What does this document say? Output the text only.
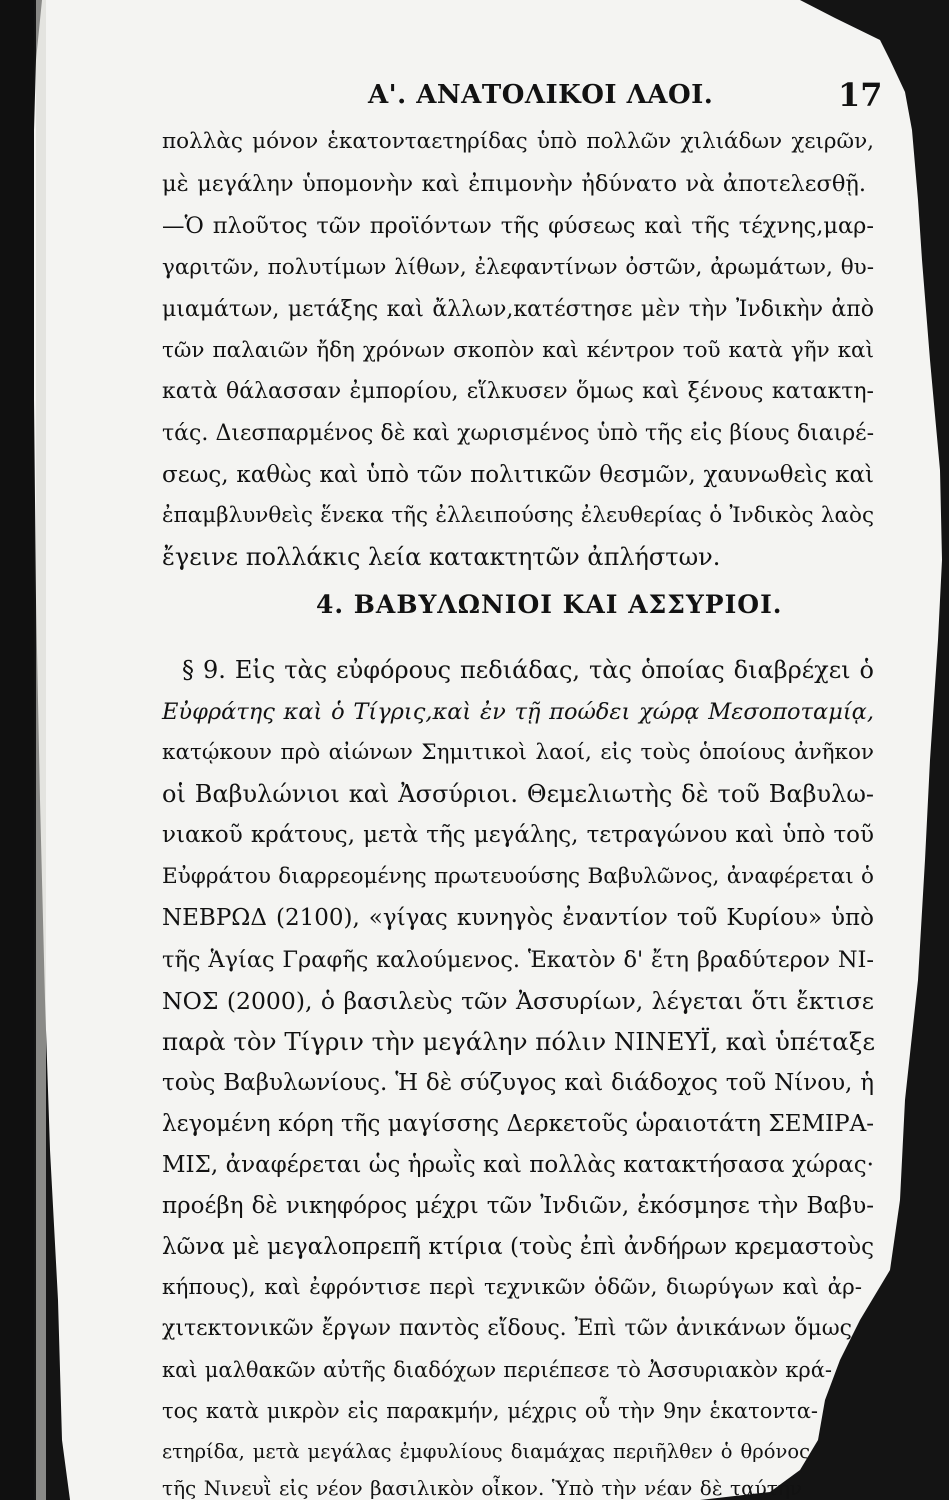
Α'. ΑΝΑΤΟΛΙΚΟΙ ΛΑΟΙ.	17
πολλὰς μόνον ἑκατονταετηρίδας ὑπὸ πολλῶν χιλιάδων χειρῶν,
μὲ μεγάλην ὑπομονὴν καὶ ἐπιμονὴν ἠδύνατο νὰ ἀποτελεσθῇ.
—Ὁ πλοῦτος τῶν προϊόντων τῆς φύσεως καὶ τῆς τέχνης,μαρ-
γαριτῶν, πολυτίμων λίθων, ἐλεφαντίνων ὀστῶν, ἀρωμάτων, θυ-
μιαμάτων, μετάξης καὶ ἄλλων,κατέστησε μὲν τὴν Ἰνδικὴν ἀπὸ
τῶν παλαιῶν ἤδη χρόνων σκοπὸν καὶ κέντρον τοῦ κατὰ γῆν καὶ
κατὰ θάλασσαν ἐμπορίου, εἵλκυσεν ὅμως καὶ ξένους κατακτη-
τάς. Διεσπαρμένος δὲ καὶ χωρισμένος ὑπὸ τῆς εἰς βίους διαιρέ-
σεως, καθὼς καὶ ὑπὸ τῶν πολιτικῶν θεσμῶν, χαυνωθεὶς καὶ
ἐπαμβλυνθεὶς ἕνεκα τῆς ἐλλειπούσης ἐλευθερίας ὁ Ἰνδικὸς λαὸς
ἔγεινε πολλάκις λεία κατακτητῶν ἀπλήστων.
4. ΒΑΒΥΛΩΝΙΟΙ ΚΑΙ ΑΣΣΥΡΙΟΙ.
§ 9. Εἰς τὰς εὐφόρους πεδιάδας, τὰς ὁποίας διαβρέχει ὁ
Εὐφράτης καὶ ὁ Τίγρις,καὶ ἐν τῇ ποώδει χώρᾳ Μεσοποταμίᾳ,
κατῴκουν πρὸ αἰώνων Σημιτικοὶ λαοί, εἰς τοὺς ὁποίους ἀνῆκον
οἱ Βαβυλώνιοι καὶ Ἀσσύριοι. Θεμελιωτὴς δὲ τοῦ Βαβυλω-
νιακοῦ κράτους, μετὰ τῆς μεγάλης, τετραγώνου καὶ ὑπὸ τοῦ
Εὐφράτου διαρρεομένης πρωτευούσης Βαβυλῶνος, ἀναφέρεται ὁ
ΝΕΒΡΩΔ (2100), «γίγας κυνηγὸς ἐναντίον τοῦ Κυρίου» ὑπὸ
τῆς Ἁγίας Γραφῆς καλούμενος. Ἑκατὸν δ' ἔτη βραδύτερον ΝΙ-
ΝΟΣ (2000), ὁ βασιλεὺς τῶν Ἀσσυρίων, λέγεται ὅτι ἔκτισε
παρὰ τὸν Τίγριν τὴν μεγάλην πόλιν ΝΙΝΕΥΪ, καὶ ὑπέταξε
τοὺς Βαβυλωνίους. Ἡ δὲ σύζυγος καὶ διάδοχος τοῦ Νίνου, ἡ
λεγομένη κόρη τῆς μαγίσσης Δερκετοῦς ὡραιοτάτη ΣΕΜΙΡΑ-
ΜΙΣ, ἀναφέρεται ὡς ἡρωῒς καὶ πολλὰς κατακτήσασα χώρας·
προέβη δὲ νικηφόρος μέχρι τῶν Ἰνδιῶν, ἐκόσμησε τὴν Βαβυ-
λῶνα μὲ μεγαλοπρεπῆ κτίρια (τοὺς ἐπὶ ἀνδήρων κρεμαστοὺς
κήπους), καὶ ἐφρόντισε περὶ τεχνικῶν ὁδῶν, διωρύγων καὶ ἀρ-
χιτεκτονικῶν ἔργων παντὸς εἴδους. Ἐπὶ τῶν ἀνικάνων ὅμως
καὶ μαλθακῶν αὐτῆς διαδόχων περιέπεσε τὸ Ἀσσυριακὸν κρά-
τος κατὰ μικρὸν εἰς παρακμήν, μέχρις οὗ τὴν 9ην ἑκατοντα-
ετηρίδα, μετὰ μεγάλας ἐμφυλίους διαμάχας περιῆλθεν ὁ θρόνος
τῆς Νινευῒ εἰς νέον βασιλικὸν οἶκον. Ὑπὸ τὴν νέαν δὲ ταύτην
